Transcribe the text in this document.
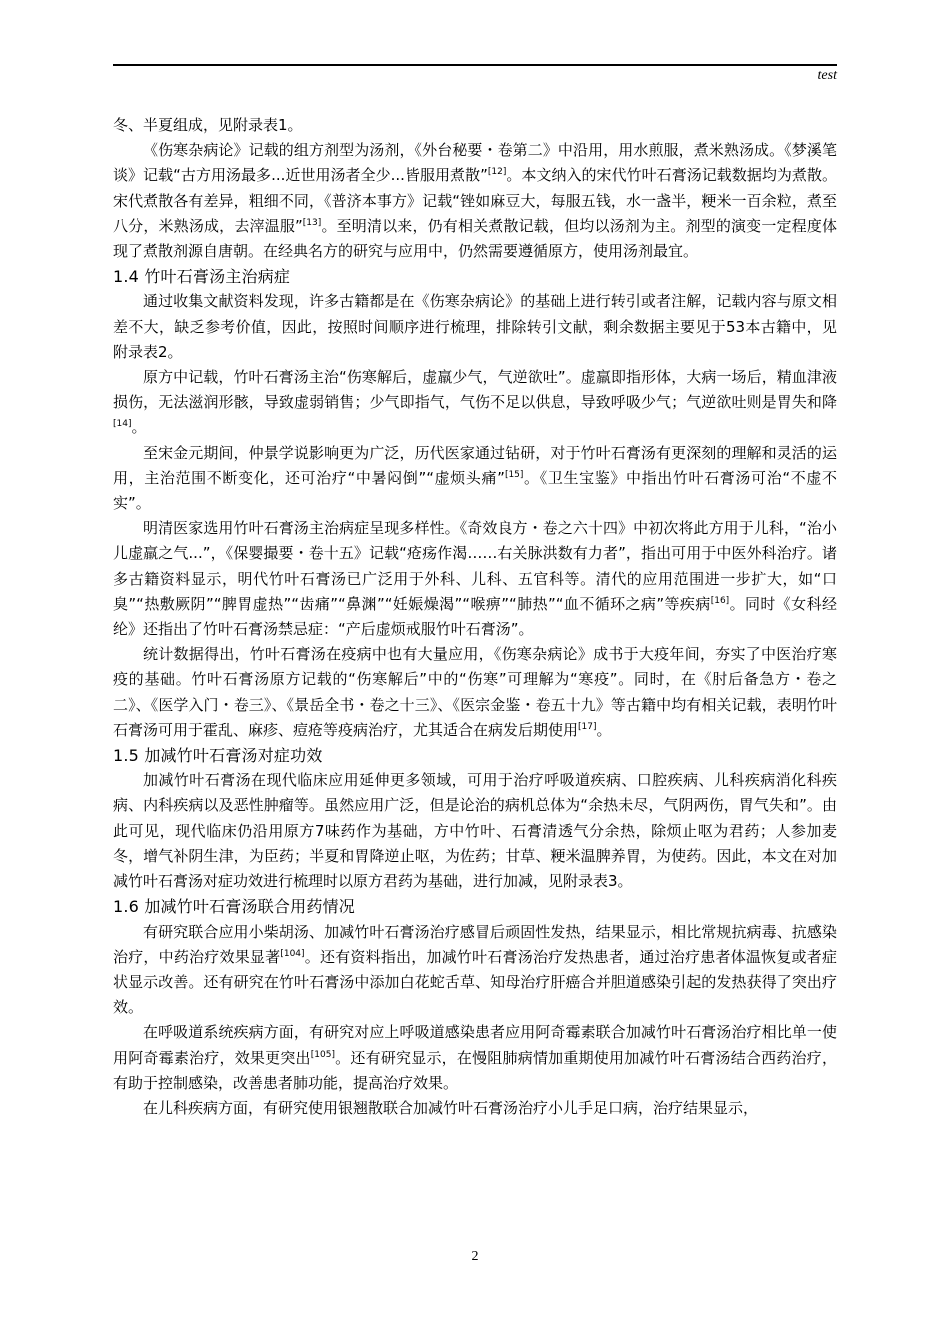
test

冬、半夏组成，见附录表1。

《伤寒杂病论》记载的组方剂型为汤剂，《外台秘要・卷第二》中沿用，用水煎服，煮米熟汤成。《梦溪笔谈》记载“古方用汤最多...近世用汤者全少...皆服用煮散”[12]。本文纳入的宋代竹叶石膏汤记载数据均为煮散。宋代煮散各有差异，粗细不同，《普济本事方》记载“锉如麻豆大，每服五钱，水一盏半，粳米一百余粒，煮至八分，米熟汤成，去滓温服”[13]。至明清以来，仍有相关煮散记载，但均以汤剂为主。剂型的演变一定程度体现了煮散剂源自唐朝。在经典名方的研究与应用中，仍然需要遵循原方，使用汤剂最宜。

1.4 竹叶石膏汤主治病症

通过收集文献资料发现，许多古籍都是在《伤寒杂病论》的基础上进行转引或者注解，记载内容与原文相差不大，缺乏参考价值，因此，按照时间顺序进行梳理，排除转引文献，剩余数据主要见于53本古籍中，见附录表2。

原方中记载，竹叶石膏汤主治“伤寒解后，虚羸少气，气逆欲吐”。虚羸即指形体，大病一场后，精血津液损伤，无法滋润形骸，导致虚弱销售；少气即指气，气伤不足以供息，导致呼吸少气；气逆欲吐则是胃失和降[14]。

至宋金元期间，仲景学说影响更为广泛，历代医家通过钻研，对于竹叶石膏汤有更深刻的理解和灵活的运用，主治范围不断变化，还可治疗“中暑闷倒”“虚烦头痛”[15]。《卫生宝鉴》中指出竹叶石膏汤可治“不虚不实”。

明清医家选用竹叶石膏汤主治病症呈现多样性。《奇效良方・卷之六十四》中初次将此方用于儿科，“治小儿虚羸之气...”，《保婴撮要・卷十五》记载“疮疡作渴……右关脉洪数有力者”，指出可用于中医外科治疗。诸多古籍资料显示，明代竹叶石膏汤已广泛用于外科、儿科、五官科等。清代的应用范围进一步扩大，如“口臭”“热敷厥阴”“脾胃虚热”“齿痛”“鼻渊”“妊娠燥渴”“喉痹”“肺热”“血不循环之病”等疾病[16]。同时《女科经纶》还指出了竹叶石膏汤禁忌症：“产后虚烦戒服竹叶石膏汤”。

统计数据得出，竹叶石膏汤在疫病中也有大量应用，《伤寒杂病论》成书于大疫年间，夯实了中医治疗寒疫的基础。竹叶石膏汤原方记载的“伤寒解后”中的“伤寒”可理解为“寒疫”。同时，在《肘后备急方・卷之二》、《医学入门・卷三》、《景岳全书・卷之十三》、《医宗金鉴・卷五十九》等古籍中均有相关记载，表明竹叶石膏汤可用于霍乱、麻疹、痘疮等疫病治疗，尤其适合在病发后期使用[17]。

1.5 加减竹叶石膏汤对症功效

加减竹叶石膏汤在现代临床应用延伸更多领域，可用于治疗呼吸道疾病、口腔疾病、儿科疾病消化科疾病、内科疾病以及恶性肿瘤等。虽然应用广泛，但是论治的病机总体为“余热未尽，气阴两伤，胃气失和”。由此可见，现代临床仍沿用原方7味药作为基础，方中竹叶、石膏清透气分余热，除烦止呕为君药；人参加麦冬，增气补阴生津，为臣药；半夏和胃降逆止呕，为佐药；甘草、粳米温脾养胃，为使药。因此，本文在对加减竹叶石膏汤对症功效进行梳理时以原方君药为基础，进行加减，见附录表3。

1.6 加减竹叶石膏汤联合用药情况

有研究联合应用小柴胡汤、加减竹叶石膏汤治疗感冒后顽固性发热，结果显示，相比常规抗病毒、抗感染治疗，中药治疗效果显著[104]。还有资料指出，加减竹叶石膏汤治疗发热患者，通过治疗患者体温恢复或者症状显示改善。还有研究在竹叶石膏汤中添加白花蛇舌草、知母治疗肝癌合并胆道感染引起的发热获得了突出疗效。

在呼吸道系统疾病方面，有研究对应上呼吸道感染患者应用阿奇霉素联合加减竹叶石膏汤治疗相比单一使用阿奇霉素治疗，效果更突出[105]。还有研究显示，在慢阻肺病情加重期使用加减竹叶石膏汤结合西药治疗，有助于控制感染，改善患者肺功能，提高治疗效果。

在儿科疾病方面，有研究使用银翘散联合加减竹叶石膏汤治疗小儿手足口病，治疗结果显示，

2
